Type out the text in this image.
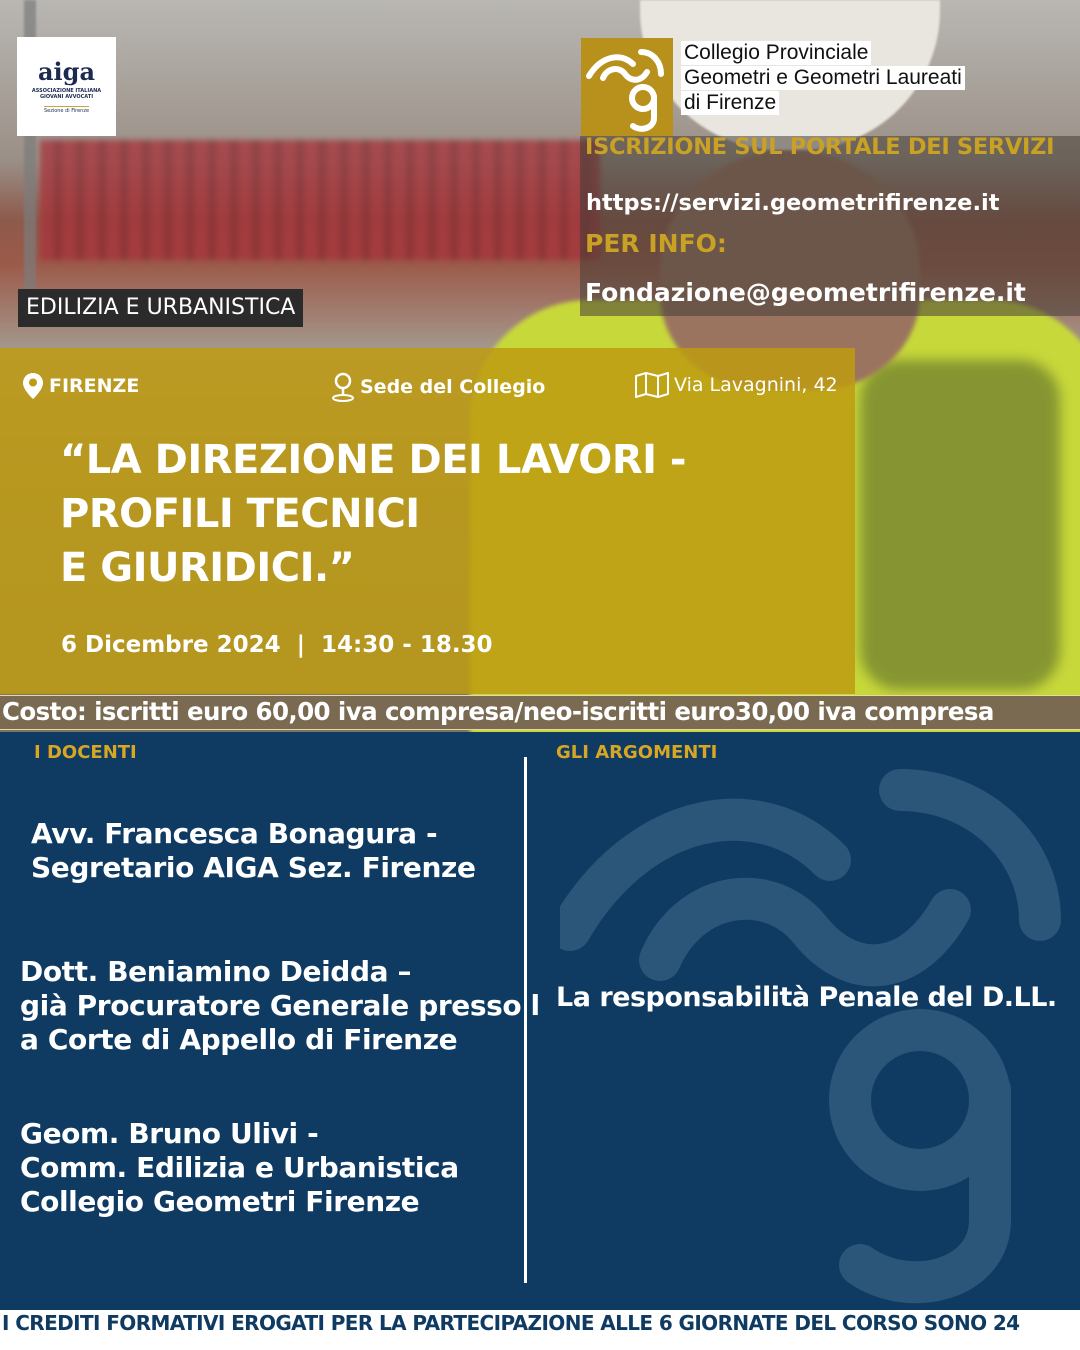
aiga
ASSOCIAZIONE ITALIANA GIOVANI AVVOCATI
Sezione di Firenze
Collegio Provinciale
Geometri e Geometri Laureati
di Firenze
ISCRIZIONE SUL PORTALE DEI SERVIZI
https://servizi.geometrifirenze.it
PER INFO:
Fondazione@geometrifirenze.it
EDILIZIA E URBANISTICA
FIRENZE	Sede del Collegio	Via Lavagnini, 42
“LA DIREZIONE DEI LAVORI -
PROFILI TECNICI
E GIURIDICI.”
6 Dicembre 2024  |  14:30 - 18.30
Costo: iscritti euro 60,00 iva compresa/neo-iscritti euro30,00 iva compresa
I DOCENTI	GLI ARGOMENTI
Avv. Francesca Bonagura -
Segretario AIGA Sez. Firenze
Dott. Beniamino Deidda –
già Procuratore Generale presso l
a Corte di Appello di Firenze
Geom. Bruno Ulivi -
Comm. Edilizia e Urbanistica
Collegio Geometri Firenze
La responsabilità Penale del D.LL.
I CREDITI FORMATIVI EROGATI PER LA PARTECIPAZIONE ALLE 6 GIORNATE DEL CORSO SONO 24
